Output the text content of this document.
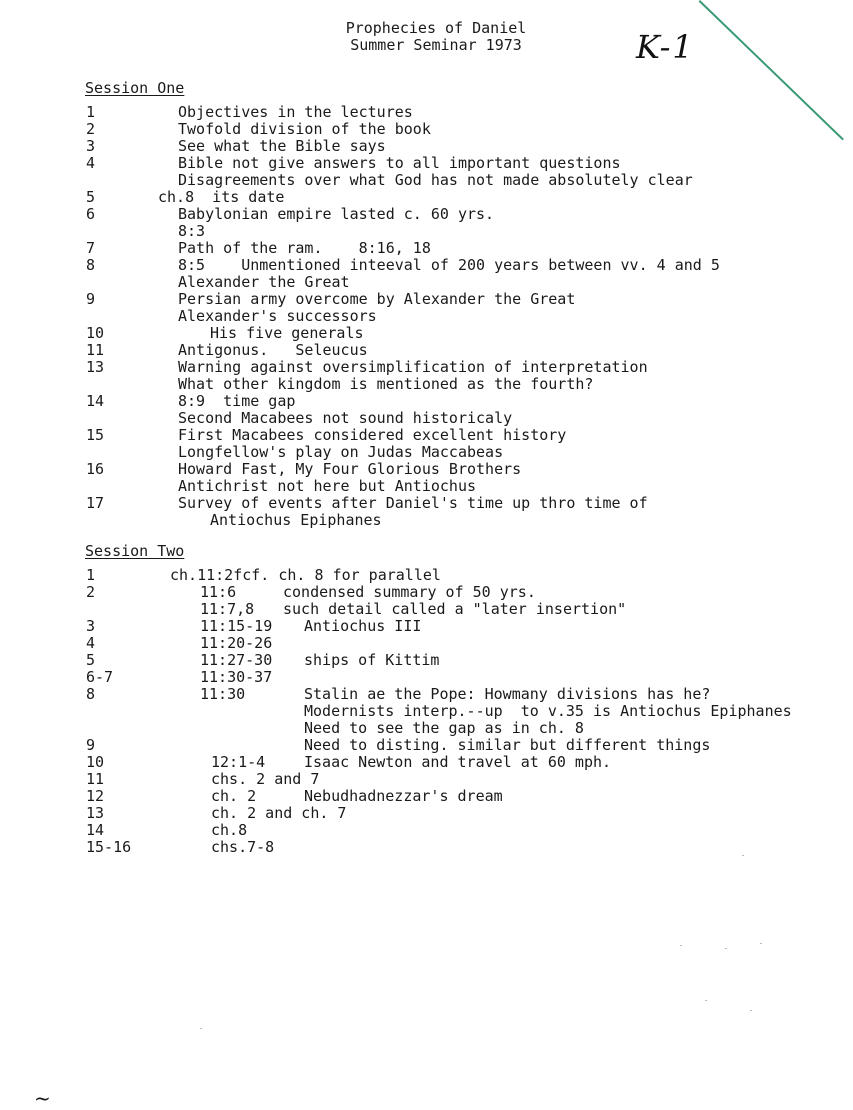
Prophecies of Daniel
Summer Seminar 1973	K-1
Session One
1	Objectives in the lectures
2	Twofold division of the book
3	See what the Bible says
4	Bible not give answers to all important questions
Disagreements over what God has not made absolutely clear
5	ch.8  its date
6	Babylonian empire lasted c. 60 yrs.
8:3
7	Path of the ram.    8:16, 18
8	8:5    Unmentioned inteeval of 200 years between vv. 4 and 5
Alexander the Great
9	Persian army overcome by Alexander the Great
Alexander's successors
10	His five generals
11	Antigonus.   Seleucus
13	Warning against oversimplification of interpretation
What other kingdom is mentioned as the fourth?
14	8:9  time gap
Second Macabees not sound historicaly
15	First Macabees considered excellent history
Longfellow's play on Judas Maccabeas
16	Howard Fast, My Four Glorious Brothers
Antichrist not here but Antiochus
17	Survey of events after Daniel's time up thro time of
Antiochus Epiphanes
Session Two
1	ch.11:2fcf. ch. 8 for parallel
2	11:6	condensed summary of 50 yrs.
11:7,8 such detail called a "later insertion"
3	11:15-19 Antiochus III
4	11:20-26
5	11:27-30 ships of Kittim
6-7	11:30-37
8	11:30	Stalin ae the Pope: Howmany divisions has he?
Modernists interp.--up  to v.35 is Antiochus Epiphanes
Need to see the gap as in ch. 8
9	Need to disting. similar but different things
10	12:1-4	Isaac Newton and travel at 60 mph.
11	chs. 2 and 7
12	ch. 2	Nebudhadnezzar's dream
13	ch. 2 and ch. 7
14	ch.8
15-16	chs.7-8
~
